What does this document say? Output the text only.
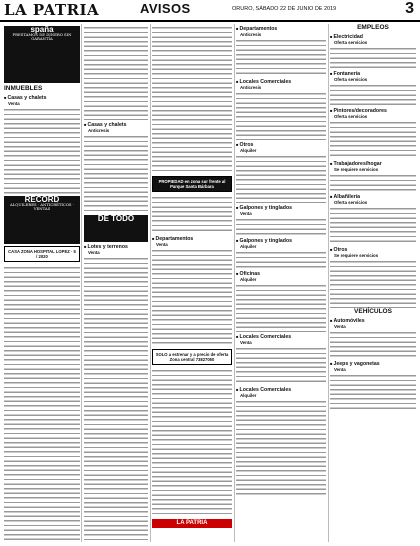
LA PATRIA	AVISOS	ORURO, SÁBADO 22 DE JUNIO DE 2019	3
spaña
PRESTAMOS DE DINERO SIN GARANTÍA
INMUEBLES
■ Casas y chalets
Venta
RECORD
ALQUILERES · ANTICRÉTICOS · VENTAS
CASA ZONA HOSPITAL LOPEZ · 5 / 2020
■ Casas y chalets
Anticresis
DE TODO
■ Lotes y terrenos
Venta
PROPIEDAD en zona sur frente al Parque Santa Bárbara
■ Departamentos
Venta
SOLO a estrenar y a precio de oferta Zona central 73827050
LA PATRIA
■ Departamentos
Anticresis
■ Locales Comerciales
Anticresis
■ Otros
Alquiler
■ Galpones y tinglados
Venta
■ Galpones y tinglados
Alquiler
■ Oficinas
Alquiler
■ Locales Comerciales
Venta
■ Locales Comerciales
Alquiler
EMPLEOS
■ Electricidad
Oferta servicios
■ Fontanería
Oferta servicios
■ Pintores/decoradores
Oferta servicios
■ Trabajadores/hogar
Se requiere servicios
■ Albañilería
Oferta servicios
■ Otros
Se requiere servicios
VEHÍCULOS
■ Automóviles
Venta
■ Jeeps y vagonetas
Venta
